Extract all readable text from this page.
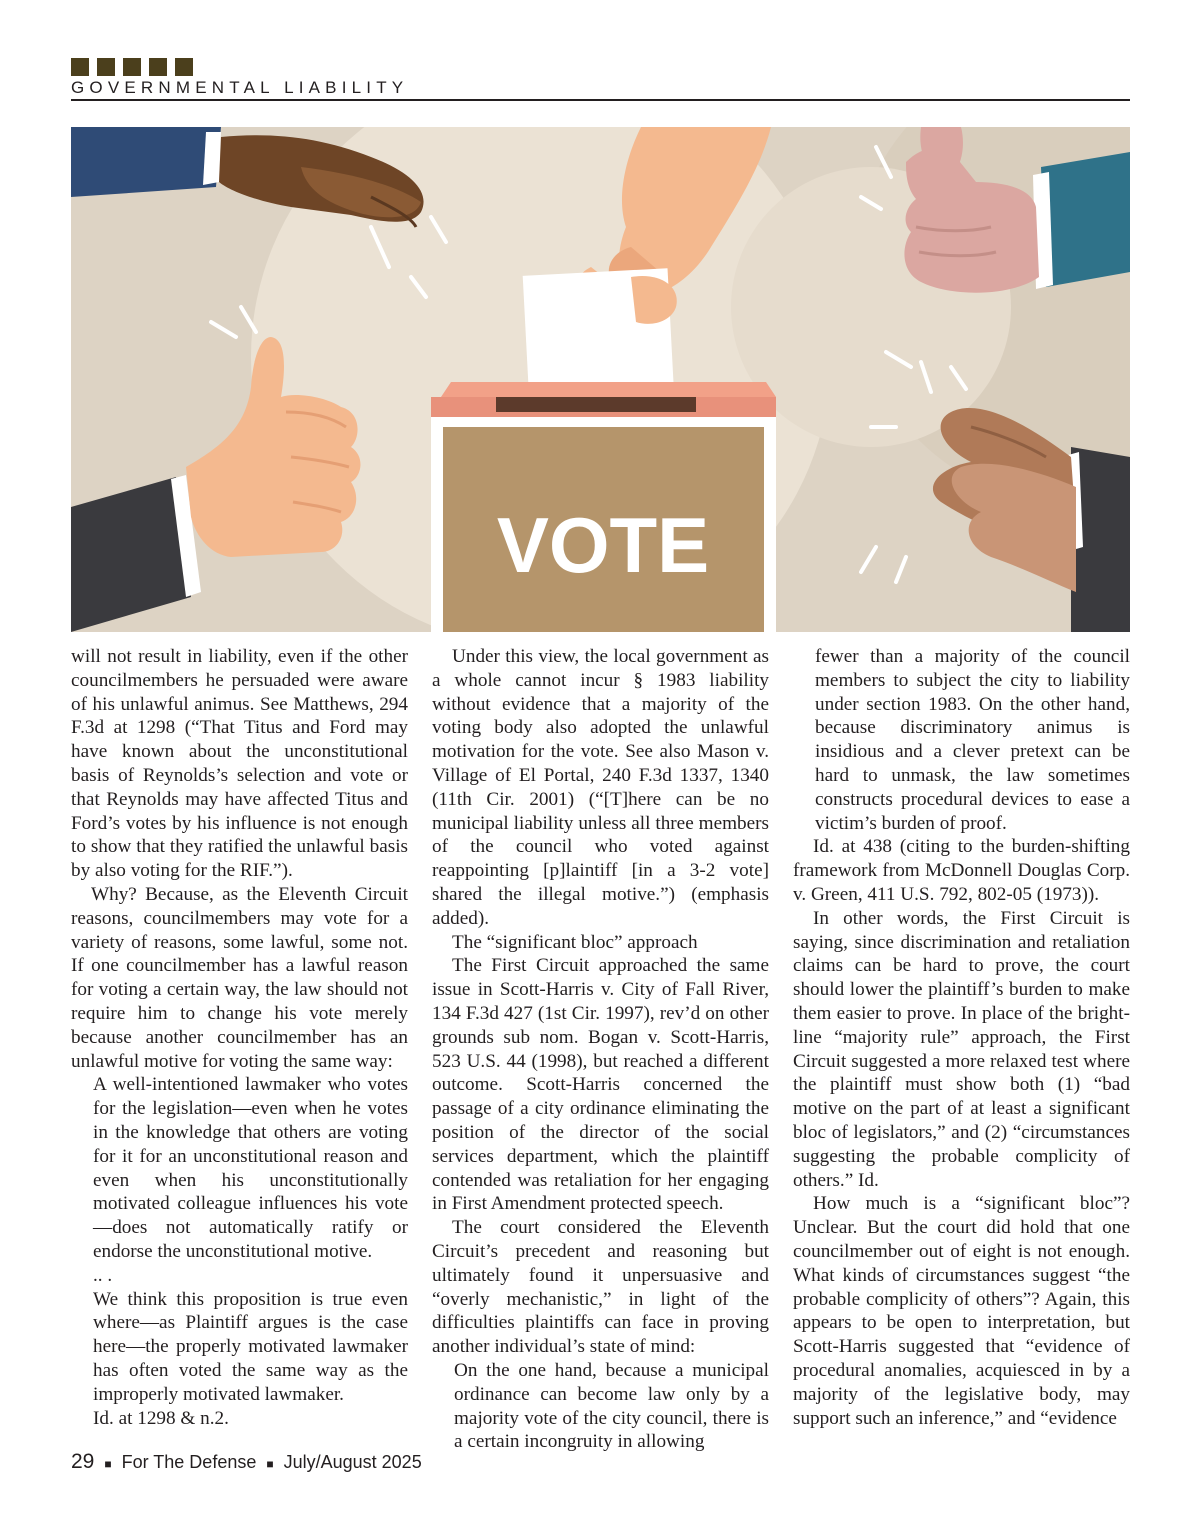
GOVERNMENTAL LIABILITY
VOTE

will not result in liability, even if the other councilmembers he persuaded were aware of his unlawful animus. See Matthews, 294 F.3d at 1298 (“That Titus and Ford may have known about the unconstitutional basis of Reynolds’s selection and vote or that Reynolds may have affected Titus and Ford’s votes by his influence is not enough to show that they ratified the unlawful basis by also voting for the RIF.”).

Why? Because, as the Eleventh Circuit reasons, councilmembers may vote for a variety of reasons, some lawful, some not. If one councilmember has a lawful reason for voting a certain way, the law should not require him to change his vote merely because another councilmember has an unlawful motive for voting the same way:

A well-intentioned lawmaker who votes for the legislation—even when he votes in the knowledge that others are voting for it for an unconstitutional reason and even when his unconstitutionally motivated colleague influences his vote—does not automatically ratify or endorse the unconstitutional motive.

.. .

We think this proposition is true even where—as Plaintiff argues is the case here—the properly motivated lawmaker has often voted the same way as the improperly motivated lawmaker.

Id. at 1298 & n.2.

Under this view, the local government as a whole cannot incur § 1983 liability without evidence that a majority of the voting body also adopted the unlawful motivation for the vote. See also Mason v. Village of El Portal, 240 F.3d 1337, 1340 (11th Cir. 2001) (“[T]here can be no municipal liability unless all three members of the council who voted against reappointing [p]laintiff [in a 3-2 vote] shared the illegal motive.”) (emphasis added).

The “significant bloc” approach

The First Circuit approached the same issue in Scott-Harris v. City of Fall River, 134 F.3d 427 (1st Cir. 1997), rev’d on other grounds sub nom. Bogan v. Scott-Harris, 523 U.S. 44 (1998), but reached a different outcome. Scott-Harris concerned the passage of a city ordinance eliminating the position of the director of the social services department, which the plaintiff contended was retaliation for her engaging in First Amendment protected speech.

The court considered the Eleventh Circuit’s precedent and reasoning but ultimately found it unpersuasive and “overly mechanistic,” in light of the difficulties plaintiffs can face in proving another individual’s state of mind:

On the one hand, because a municipal ordinance can become law only by a majority vote of the city council, there is a certain incongruity in allowing

fewer than a majority of the council members to subject the city to liability under section 1983. On the other hand, because discriminatory animus is insidious and a clever pretext can be hard to unmask, the law sometimes constructs procedural devices to ease a victim’s burden of proof.

Id. at 438 (citing to the burden-shifting framework from McDonnell Douglas Corp. v. Green, 411 U.S. 792, 802-05 (1973)).

In other words, the First Circuit is saying, since discrimination and retaliation claims can be hard to prove, the court should lower the plaintiff’s burden to make them easier to prove. In place of the bright-line “majority rule” approach, the First Circuit suggested a more relaxed test where the plaintiff must show both (1) “bad motive on the part of at least a significant bloc of legislators,” and (2) “circumstances suggesting the probable complicity of others.” Id.

How much is a “significant bloc”? Unclear. But the court did hold that one councilmember out of eight is not enough. What kinds of circumstances suggest “the probable complicity of others”? Again, this appears to be open to interpretation, but Scott-Harris suggested that “evidence of procedural anomalies, acquiesced in by a majority of the legislative body, may support such an inference,” and “evidence

29 ■ For The Defense ■ July/August 2025
